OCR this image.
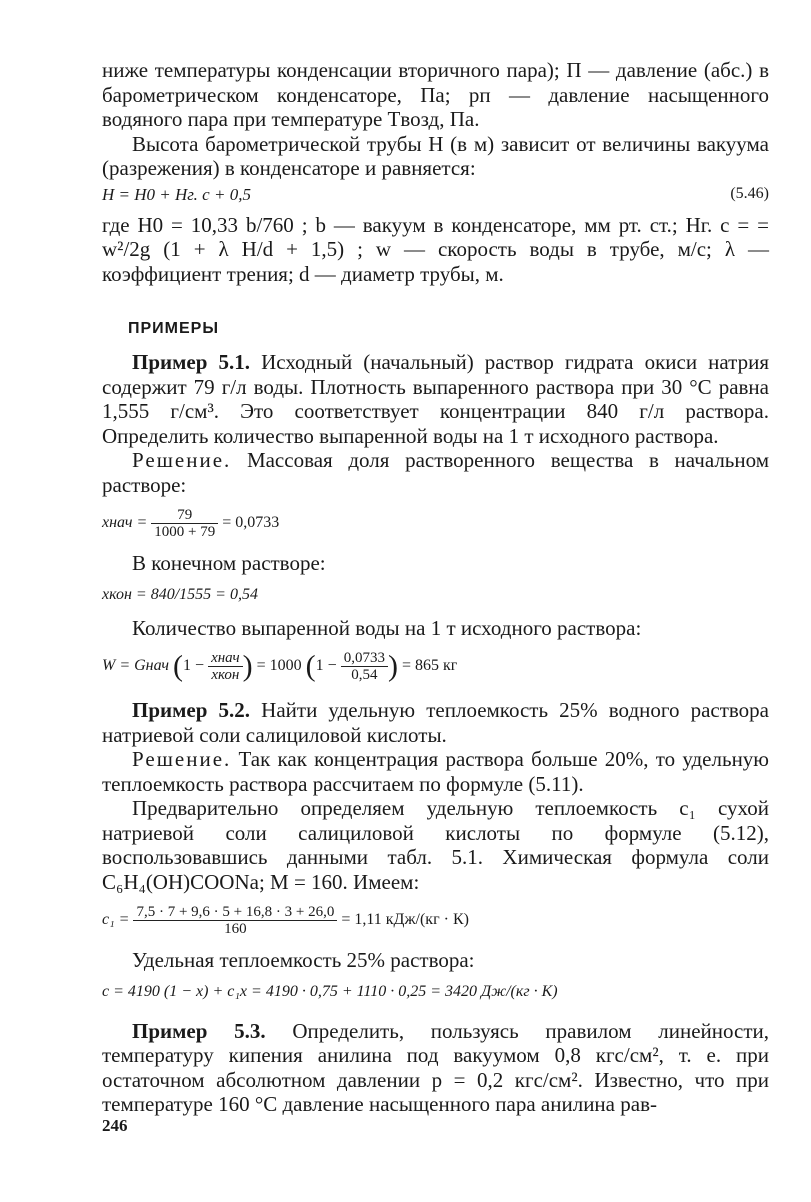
ниже температуры конденсации вторичного пара); П — давление (абс.) в барометрическом конденсаторе, Па; pп — давление насыщенного водяного пара при температуре Tвозд, Па.

Высота барометрической трубы H (в м) зависит от величины вакуума (разрежения) в конденсаторе и равняется:

H = H0 + Hг. с + 0,5	(5.46)

где H0 = 10,33 b/760 ; b — вакуум в конденсаторе, мм рт. ст.; Hг. с = = w²/2g (1 + λ H/d + 1,5) ; w — скорость воды в трубе, м/с; λ — коэффициент трения; d — диаметр трубы, м.

ПРИМЕРЫ

Пример 5.1. Исходный (начальный) раствор гидрата окиси натрия содержит 79 г/л воды. Плотность выпаренного раствора при 30 °С равна 1,555 г/см³. Это соответствует концентрации 840 г/л раствора. Определить количество выпаренной воды на 1 т исходного раствора.

Решение. Массовая доля растворенного вещества в начальном растворе:

xнач = $\frac{79}{1000 + 79} = 0,0733$

В конечном растворе:

xкон = 840/1555 = 0,54

Количество выпаренной воды на 1 т исходного раствора:

W = Gнач ($1 - \frac{\text{xнач}}{\text{xкон}}$ ) = 1000 ($1 - \frac{0,0733}{0,54}$ ) = 865 кг

Пример 5.2. Найти удельную теплоемкость 25% водного раствора натриевой соли салициловой кислоты.

Решение. Так как концентрация раствора больше 20%, то удельную теплоемкость раствора рассчитаем по формуле (5.11).

Предварительно определяем удельную теплоемкость c₁ сухой натриевой соли салициловой кислоты по формуле (5.12), воспользовавшись данными табл. 5.1. Химическая формула соли C₆H₄(OH)COONa; M = 160. Имеем:

$c_1 = \frac{7,5 \cdot 7 + 9,6 \cdot 5 + 16,8 \cdot 3 + 26,0}{160} = 1,11$ кДж/(кг · К)

Удельная теплоемкость 25% раствора:

c = 4190 (1 − x) + c₁x = 4190 · 0,75 + 1110 · 0,25 = 3420 Дж/(кг · К)

Пример 5.3. Определить, пользуясь правилом линейности, температуру кипения анилина под вакуумом 0,8 кгс/см², т. е. при остаточном абсолютном давлении p = 0,2 кгс/см². Известно, что при температуре 160 °С давление насыщенного пара анилина рав-

246
